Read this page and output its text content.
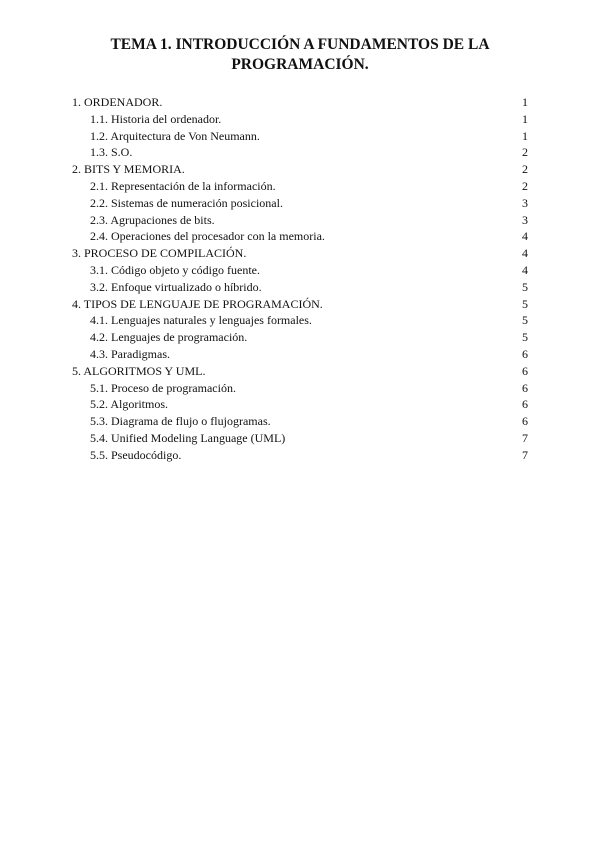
TEMA 1. INTRODUCCIÓN A FUNDAMENTOS DE LA
PROGRAMACIÓN.
1. ORDENADOR.	1
1.1. Historia del ordenador.	1
1.2. Arquitectura de Von Neumann.	1
1.3. S.O.	2
2. BITS Y MEMORIA.	2
2.1. Representación de la información.	2
2.2. Sistemas de numeración posicional.	3
2.3. Agrupaciones de bits.	3
2.4. Operaciones del procesador con la memoria.	4
3. PROCESO DE COMPILACIÓN.	4
3.1. Código objeto y código fuente.	4
3.2. Enfoque virtualizado o híbrido.	5
4. TIPOS DE LENGUAJE DE PROGRAMACIÓN.	5
4.1. Lenguajes naturales y lenguajes formales.	5
4.2. Lenguajes de programación.	5
4.3. Paradigmas.	6
5. ALGORITMOS Y UML.	6
5.1. Proceso de programación.	6
5.2. Algoritmos.	6
5.3. Diagrama de flujo o flujogramas.	6
5.4. Unified Modeling Language (UML)	7
5.5. Pseudocódigo.	7
